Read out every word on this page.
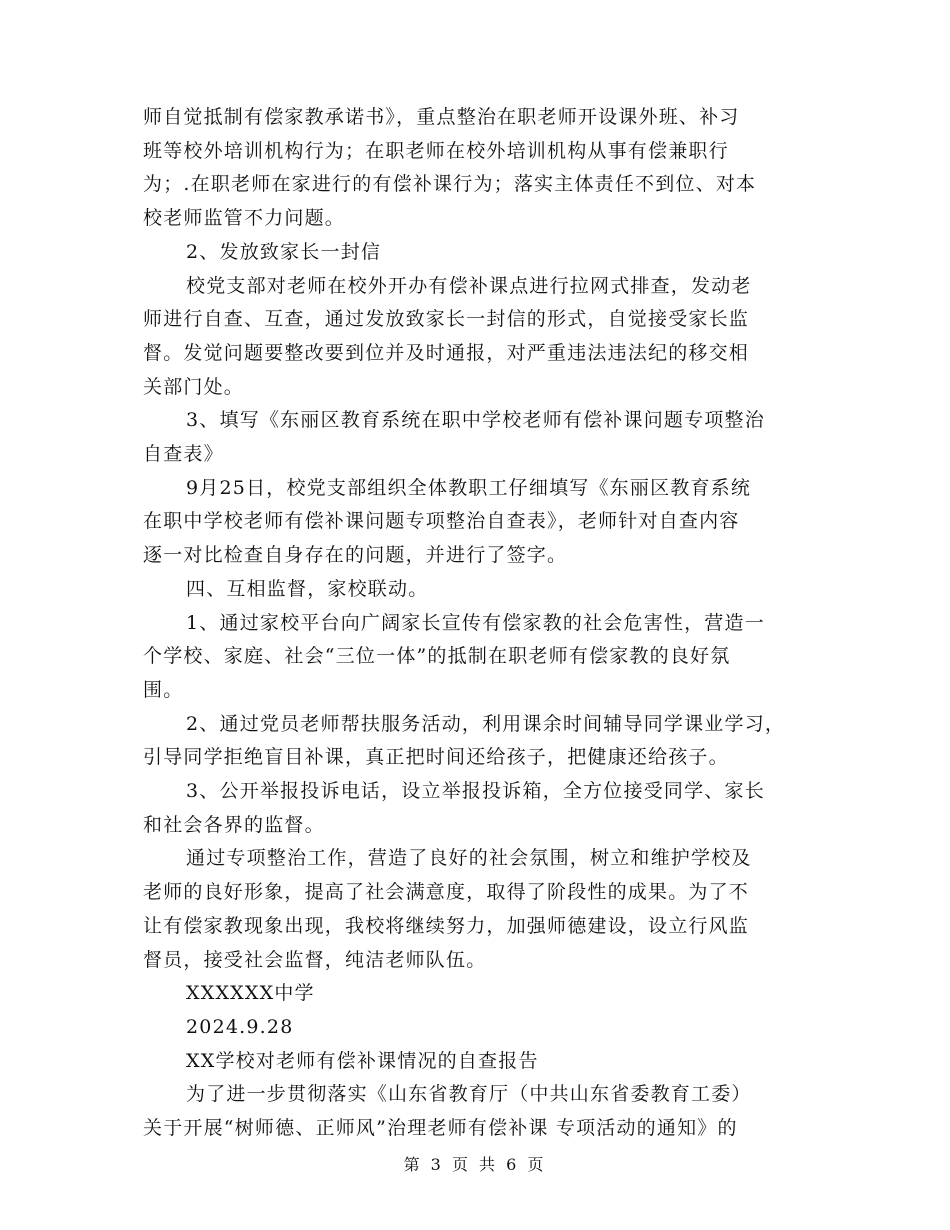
师自觉抵制有偿家教承诺书》，重点整治在职老师开设课外班、补习
班等校外培训机构行为；在职老师在校外培训机构从事有偿兼职行
为；.在职老师在家进行的有偿补课行为；落实主体责任不到位、对本
校老师监管不力问题。
2、发放致家长一封信
校党支部对老师在校外开办有偿补课点进行拉网式排查，发动老
师进行自查、互查，通过发放致家长一封信的形式，自觉接受家长监
督。发觉问题要整改要到位并及时通报，对严重违法违法纪的移交相
关部门处。
3、填写《东丽区教育系统在职中学校老师有偿补课问题专项整治
自查表》
9月25日，校党支部组织全体教职工仔细填写《东丽区教育系统
在职中学校老师有偿补课问题专项整治自查表》，老师针对自查内容
逐一对比检查自身存在的问题，并进行了签字。
四、互相监督，家校联动。
1、通过家校平台向广阔家长宣传有偿家教的社会危害性，营造一
个学校、家庭、社会“三位一体”的抵制在职老师有偿家教的良好氛
围。
2、通过党员老师帮扶服务活动，利用课余时间辅导同学课业学习，
引导同学拒绝盲目补课，真正把时间还给孩子，把健康还给孩子。
3、公开举报投诉电话，设立举报投诉箱，全方位接受同学、家长
和社会各界的监督。
通过专项整治工作，营造了良好的社会氛围，树立和维护学校及
老师的良好形象，提高了社会满意度，取得了阶段性的成果。为了不
让有偿家教现象出现，我校将继续努力，加强师德建设，设立行风监
督员，接受社会监督，纯洁老师队伍。
XXXXXX中学
2024.9.28
XX学校对老师有偿补课情况的自查报告
为了进一步贯彻落实《山东省教育厅（中共山东省委教育工委）
关于开展“树师德、正师风”治理老师有偿补课 专项活动的通知》的
第 3 页 共 6 页
